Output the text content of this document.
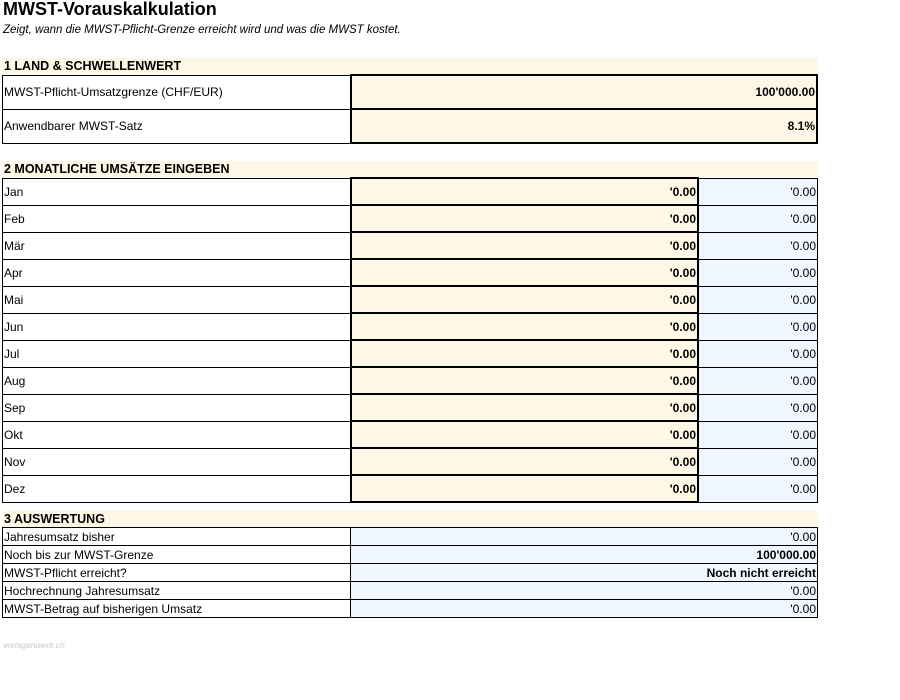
MWST-Vorauskalkulation
Zeigt, wann die MWST-Pflicht-Grenze erreicht wird und was die MWST kostet.
1 LAND & SCHWELLENWERT
MWST-Pflicht-Umsatzgrenze (CHF/EUR)	100'000.00
Anwendbarer MWST-Satz	8.1%
2 MONATLICHE UMSÄTZE EINGEBEN
Jan	'0.00	'0.00
Feb	'0.00	'0.00
Mär	'0.00	'0.00
Apr	'0.00	'0.00
Mai	'0.00	'0.00
Jun	'0.00	'0.00
Jul	'0.00	'0.00
Aug	'0.00	'0.00
Sep	'0.00	'0.00
Okt	'0.00	'0.00
Nov	'0.00	'0.00
Dez	'0.00	'0.00
3 AUSWERTUNG
Jahresumsatz bisher	'0.00
Noch bis zur MWST-Grenze	100'000.00
MWST-Pflicht erreicht?	Noch nicht erreicht
Hochrechnung Jahresumsatz	'0.00
MWST-Betrag auf bisherigen Umsatz	'0.00
vorlagenwerk.ch
